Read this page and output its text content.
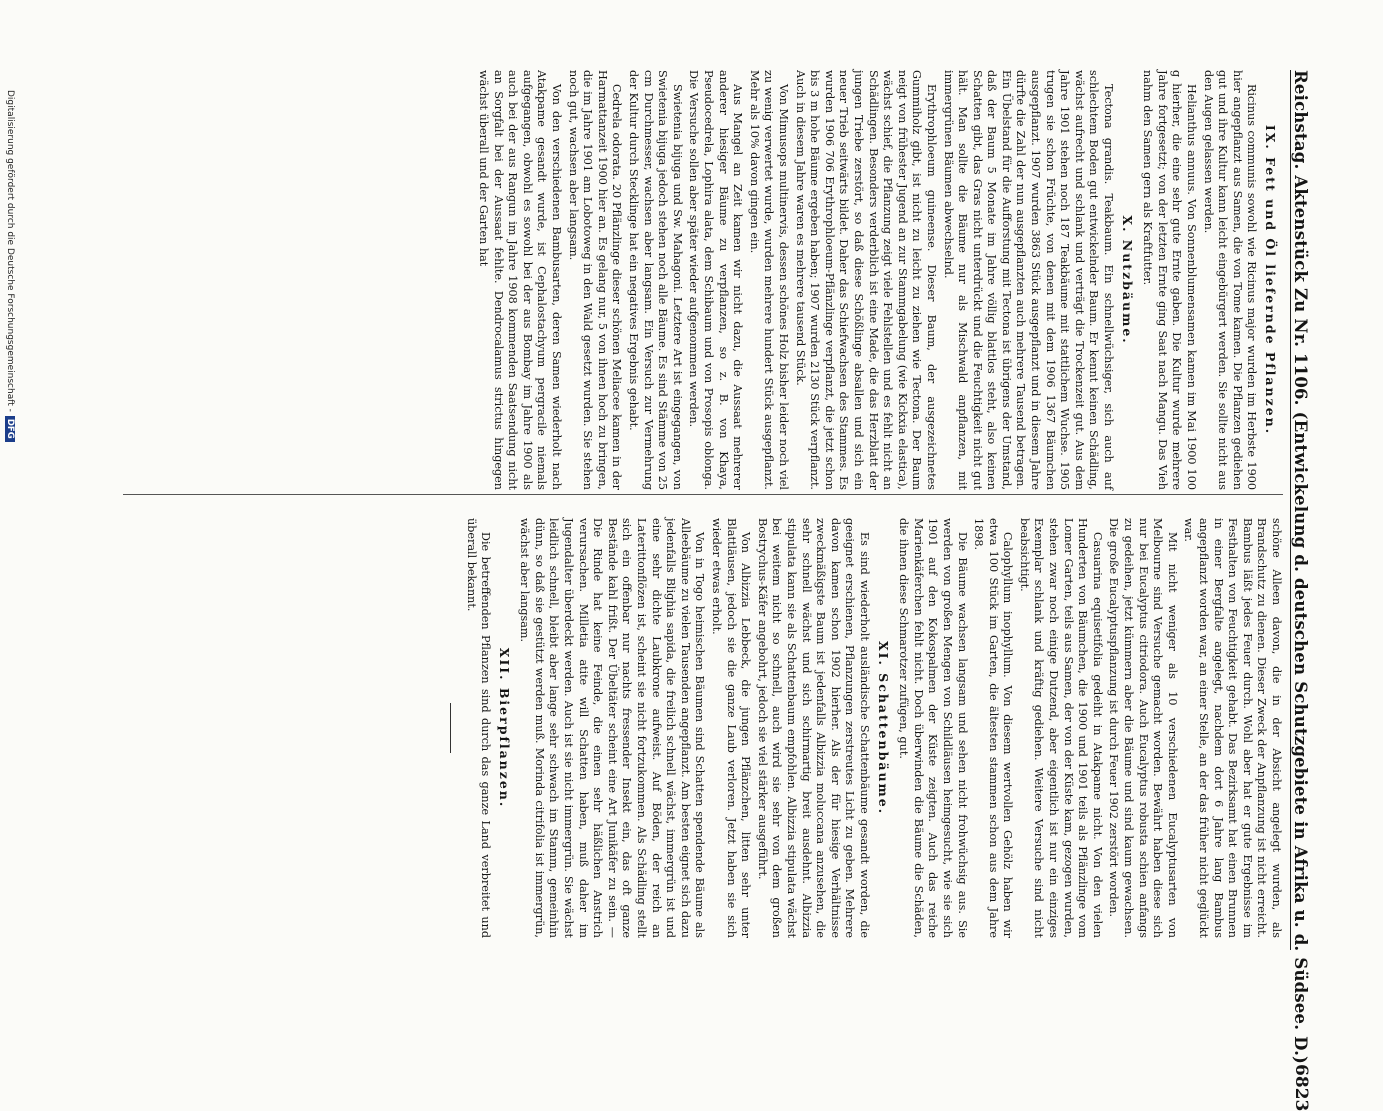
Reichstag. Aktenstück Zu Nr. 1106. (Entwickelung d. deutschen Schutzgebiete in Afrika u. d. Südsee. D.)
6823
IX. Fett und Öl liefernde Pflanzen.

Ricinus communis sowohl wie Ricinus major wurden im Herbste 1900 hier angepflanzt aus Samen, die von Tome kamen. Die Pflanzen gediehen gut und ihre Kultur kann leicht eingebürgert werden. Sie sollte nicht aus den Augen gelassen werden.

Helianthus annuus. Von Sonnenblumensamen kamen im Mai 1900 100 g hierher, die eine sehr gute Ernte gaben. Die Kultur wurde mehrere Jahre fortgesetzt; von der letzten Ernte ging Saat nach Mangu. Das Vieh nahm den Samen gern als Kraftfutter.

X. Nutzbäume.

Tectona grandis. Teakbaum. Ein schnellwüchsiger, sich auch auf schlechtem Boden gut entwickelnder Baum. Er kennt keinen Schädling, wächst aufrecht und schlank und verträgt die Trockenzeit gut. Aus dem Jahre 1901 stehen noch 187 Teakbäume mit stattlichem Wuchse. 1905 trugen sie schon Früchte, von denen mit dem 1906 1367 Bäumchen ausgepflanzt. 1907 wurden 3863 Stück ausgepflanzt und in diesem Jahre dürfte die Zahl der nun ausgepflanzten auch mehrere Tausend betragen. Ein Übelstand für die Aufforstung mit Tectona ist übrigens der Umstand, daß der Baum 5 Monate im Jahre völlig blattlos steht, also keinen Schatten gibt, das Gras nicht unterdrückt und die Feuchtigkeit nicht gut hält. Man sollte die Bäume nur als Mischwald anpflanzen, mit immergrünen Bäumen abwechselnd.

Erythrophloeum guineense. Dieser Baum, der ausgezeichnetes Gummiholz gibt, ist nicht zu leicht zu ziehen wie Tectona. Der Baum neigt von frühester Jugend an zur Stammgabelung (wie Kickxia elastica), wächst schief, die Pflanzung zeigt viele Fehlstellen und es fehlt nicht an Schädlingen. Besonders verderblich ist eine Made, die das Herzblatt der jungen Triebe zerstört, so daß diese Schößlinge absallen und sich ein neuer Trieb seitwärts bildet. Daher das Schiefwachsen des Stammes. Es wurden 1906 706 Erythrophloeum-Pflänzlinge verpflanzt, die jetzt schon bis 3 m hohe Bäume ergeben haben; 1907 wurden 2130 Stück verpflanzt. Auch in diesem Jahre waren es mehrere tausend Stück.

Von Mimusops multinervis, dessen schönes Holz bisher leider noch viel zu wenig verwertet wurde, wurden mehrere hundert Stück ausgepflanzt. Mehr als 10% davon gingen ein.

Aus Mangel an Zeit kamen wir nicht dazu, die Aussaat mehrerer anderer hiesiger Bäume zu verpflanzen, so z. B. von Khaya, Pseudocedrela, Lophira alata, dem Schibaum und von Prosopis oblonga. Die Versuche sollen aber später wieder aufgenommen werden.

Swietenia bijuga und Sw. Mahagoni. Letztere Art ist eingegangen, von Swietenia bijuga jedoch stehen noch alle Bäume. Es sind Stämme von 25 cm Durchmesser, wachsen aber langsam. Ein Versuch zur Vermehrung der Kultur durch Stecklinge hat ein negatives Ergebnis gehabt.

Cedrela odorata. 20 Pflänzlinge dieser schönen Meliacee kamen in der Harmattanzeit 1900 hier an. Es gelang nur, 5 von ihnen hoch zu bringen, die im Jahre 1901 am Lobotoweg in den Wald gesetzt wurden. Sie stehen noch gut, wachsen aber langsam.

Von den verschiedenen Bambusarten, deren Samen wiederholt nach Atakpame gesandt wurde, ist Cephalostachyum pergracile niemals aufgegangen, obwohl es sowohl bei der aus Bombay im Jahre 1900 als auch bei der aus Rangun im Jahre 1908 kommenden Saatsendung nicht an Sorgfalt bei der Aussaat fehlte. Dendrocalamus strictus hingegen wächst überall und der Garten hat

schöne Alleen davon, die in der Absicht angelegt wurden, als Brandschutz zu dienen. Dieser Zweck der Anpflanzung ist nicht erreicht. Bambus läßt jedes Feuer durch. Wohl aber hat er gute Ergebnisse im Festhalten von Feuchtigkeit gehabt. Das Bezirksamt hat einen Brunnen in einer Bergfalte angelegt, nachdem dort 6 Jahre lang Bambus angepflanzt worden war, an einer Stelle, an der das früher nicht geglückt war.

Mit nicht weniger als 10 verschiedenen Eucalyptusarten von Melbourne sind Versuche gemacht worden. Bewährt haben diese sich nur bei Eucalyptus citriodora. Auch Eucalyptus robusta schien anfangs zu gedeihen, jetzt kümmern aber die Bäume und sind kaum gewachsen. Die große Eucalyptuspflanzung ist durch Feuer 1902 zerstört worden.

Casuarina equisetifolia gedeiht in Atakpame nicht. Von den vielen Hunderten von Bäumchen, die 1900 und 1901 teils als Pflänzlinge vom Lomer Garten, teils aus Samen, der von der Küste kam, gezogen wurden, stehen zwar noch einige Dutzend, aber eigentlich ist nur ein einziges Exemplar schlank und kräftig gediehen. Weitere Versuche sind nicht beabsichtigt.

Calophyllum inophyllum. Von diesem wertvollen Gehölz haben wir etwa 100 Stück im Garten, die ältesten stammen schon aus dem Jahre 1898.

Die Bäume wachsen langsam und sehen nicht frohwüchsig aus. Sie werden von großen Mengen von Schildläusen heimgesucht, wie sie sich 1901 auf den Kokospalmen der Küste zeigten. Auch das reiche Marienkäferchen fehlt nicht. Doch überwinden die Bäume die Schäden, die ihnen diese Schmarotzer zufügen, gut.

XI. Schattenbäume.

Es sind wiederholt ausländische Schattenbäume gesandt worden, die geeignet erschienen, Pflanzungen zerstreutes Licht zu geben. Mehrere davon kamen schon 1902 hierher. Als der für hiesige Verhältnisse zweckmäßigste Baum ist jedenfalls Albizzia moluccana anzusehen, die sehr schnell wächst und sich schirmartig breit ausdehnt. Albizzia stipulata kann sie als Schattenbaum empfohlen. Albizzia stipulata wächst bei weitem nicht so schnell, auch wird sie sehr von dem großen Bostrychus-Käfer angebohrt, jedoch sie viel stärker ausgeführt.

Von Albizzia Lebbeck, die jungen Pflänzchen, litten sehr unter Blattläusen, jedoch sie die ganze Laub verloren. Jetzt haben sie sich wieder etwas erholt.

Von in Togo heimischen Bäumen sind Schatten spendende Bäume als Alleebäume zu vielen Tausenden angepflanzt. Am besten eignet sich dazu jedenfalls Blighia sapida, die freilich schnell wächst, immergrün ist und eine sehr dichte Laubkrone aufweist. Auf Böden, der reich an Laterittonflözen ist, scheint sie nicht fortzukommen. Als Schädling stellt sich ein offenbar nur nachts fressender Insekt ein, das oft ganze Bestände kahl frißt. Der Übeltäter scheint eine Art Junikäfer zu sein. — Die Rinde hat keine Feinde, die einen sehr häßlichen Anstrich verursachen. Milletia atite will Schatten haben, muß daher im Jugendalter überdeckt werden. Auch ist sie nicht immergrün. Sie wächst leidlich schnell, bleibt aber lange sehr schwach im Stamm, gemeinhin dünn, so daß sie gestützt werden muß. Morinda citrifolia ist immergrün, wächst aber langsam.

XII. Bierpflanzen.

Die betreffenden Pflanzen sind durch das ganze Land verbreitet und überall bekannt.

Digitalisierung gefördert durch die Deutsche Forschungsgemeinschaft -DFG
